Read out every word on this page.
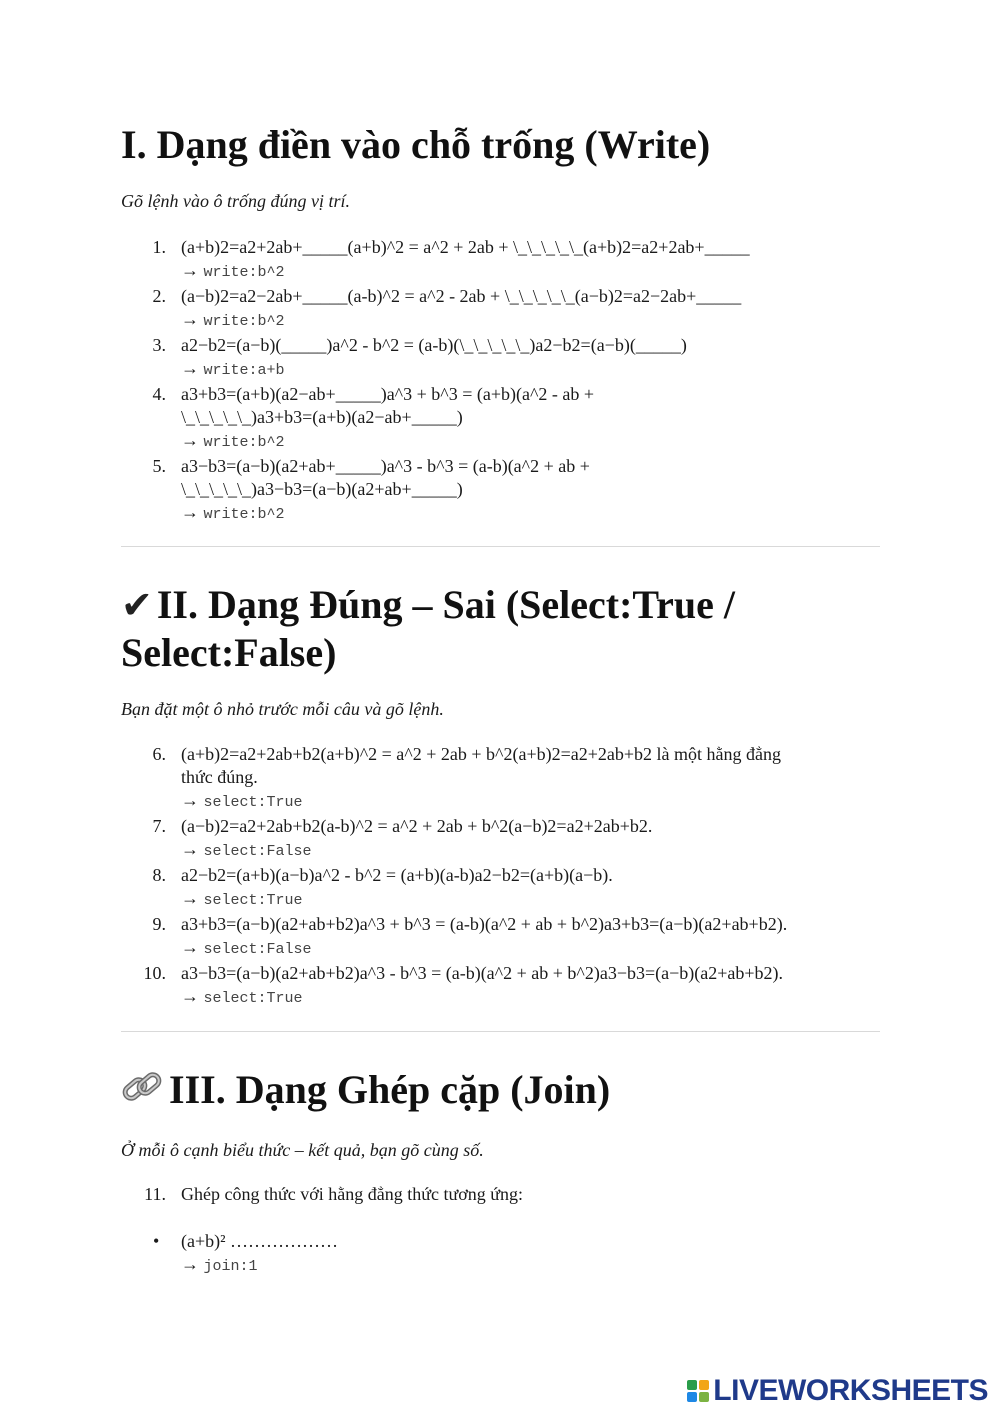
I. Dạng điền vào chỗ trống (Write)

Gõ lệnh vào ô trống đúng vị trí.

1. (a+b)2=a2+2ab+_____(a+b)^2 = a^2 + 2ab + \_\_\_\_\_(a+b)2=a2+2ab+_____
→ write:b^2
2. (a−b)2=a2−2ab+_____(a-b)^2 = a^2 - 2ab + \_\_\_\_\_(a−b)2=a2−2ab+_____
→ write:b^2
3. a2−b2=(a−b)(_____)a^2 - b^2 = (a-b)(\_\_\_\_\_)a2−b2=(a−b)(_____)
→ write:a+b
4. a3+b3=(a+b)(a2−ab+_____)a^3 + b^3 = (a+b)(a^2 - ab +
\_\_\_\_\_)a3+b3=(a+b)(a2−ab+_____)
→ write:b^2
5. a3−b3=(a−b)(a2+ab+_____)a^3 - b^3 = (a-b)(a^2 + ab +
\_\_\_\_\_)a3−b3=(a−b)(a2+ab+_____)
→ write:b^2
✔ II. Dạng Đúng – Sai (Select:True /
Select:False)

Bạn đặt một ô nhỏ trước mỗi câu và gõ lệnh.

6. (a+b)2=a2+2ab+b2(a+b)^2 = a^2 + 2ab + b^2(a+b)2=a2+2ab+b2 là một hằng đẳng
thức đúng.
→ select:True
7. (a−b)2=a2+2ab+b2(a-b)^2 = a^2 + 2ab + b^2(a−b)2=a2+2ab+b2.
→ select:False
8. a2−b2=(a+b)(a−b)a^2 - b^2 = (a+b)(a-b)a2−b2=(a+b)(a−b).
→ select:True
9. a3+b3=(a−b)(a2+ab+b2)a^3 + b^3 = (a-b)(a^2 + ab + b^2)a3+b3=(a−b)(a2+ab+b2).
→ select:False
10. a3−b3=(a−b)(a2+ab+b2)a^3 - b^3 = (a-b)(a^2 + ab + b^2)a3−b3=(a−b)(a2+ab+b2).
→ select:True
III. Dạng Ghép cặp (Join)

Ở mỗi ô cạnh biểu thức – kết quả, bạn gõ cùng số.

11. Ghép công thức với hằng đẳng thức tương ứng:
• (a+b)² ………………
→ join:1
LIVEWORKSHEETS
